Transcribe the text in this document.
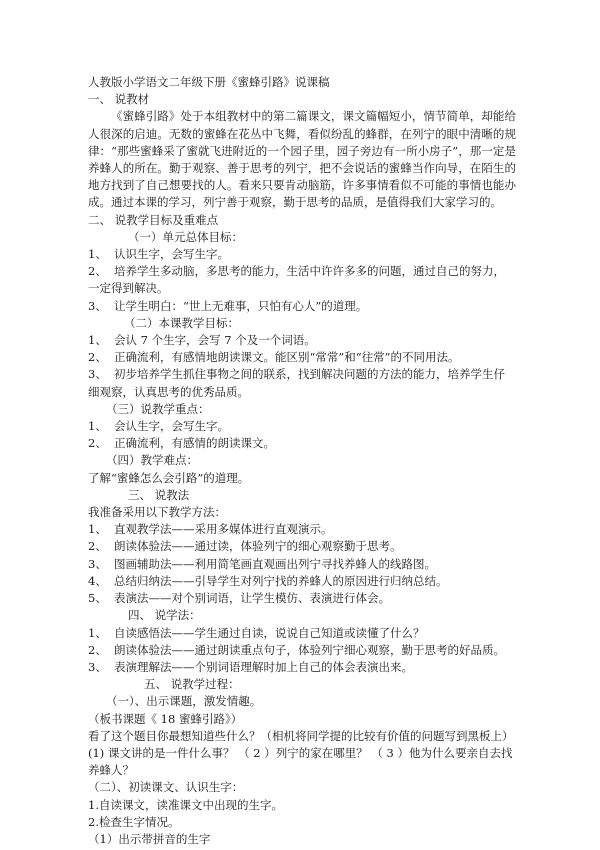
人教版小学语文二年级下册《蜜蜂引路》说课稿
一、 说教材
《蜜蜂引路》处于本组教材中的第二篇课文，课文篇幅短小，情节简单，却能给人很深的启迪。无数的蜜蜂在花丛中飞舞，看似纷乱的蜂群，在列宁的眼中清晰的规律：“那些蜜蜂采了蜜就飞进附近的一个园子里，园子旁边有一所小房子”，那一定是养蜂人的所在。勤于观察、善于思考的列宁，把不会说话的蜜蜂当作向导，在陌生的地方找到了自己想要找的人。看来只要肯动脑筋，许多事情看似不可能的事情也能办成。通过本课的学习，列宁善于观察，勤于思考的品质，是值得我们大家学习的。
二、 说教学目标及重难点
（一）单元总体目标：
1、 认识生字，会写生字。
2、 培养学生多动脑，多思考的能力，生活中许许多多的问题，通过自己的努力，一定得到解决。
3、 让学生明白：“世上无难事，只怕有心人”的道理。
（二）本课教学目标：
1、 会认 7 个生字，会写 7 个及一个词语。
2、 正确流利，有感情地朗读课文。能区别“常常”和“往常”的不同用法。
3、 初步培养学生抓住事物之间的联系，找到解决问题的方法的能力，培养学生仔细观察，认真思考的优秀品质。
（三）说教学重点：
1、 会认生字，会写生字。
2、 正确流利，有感情的朗读课文。
（四）教学难点：
了解“蜜蜂怎么会引路”的道理。
三、 说教法
我准备采用以下教学方法：
1、 直观教学法——采用多媒体进行直观演示。
2、 朗读体验法——通过读，体验列宁的细心观察勤于思考。
3、 图画辅助法——利用简笔画直观画出列宁寻找养蜂人的线路图。
4、 总结归纳法——引导学生对列宁找的养蜂人的原因进行归纳总结。
5、 表演法——对个别词语，让学生模仿、表演进行体会。
四、 说学法：
1、 自读感悟法——学生通过自读，说说自己知道或读懂了什么？
2、 朗读体验法——通过朗读重点句子，体验列宁细心观察，勤于思考的好品质。
3、 表演理解法——个别词语理解时加上自己的体会表演出来。
五、 说教学过程：
（一）、出示课题，激发情趣。
（板书课题《 18 蜜蜂引路》）
看了这个题目你最想知道些什么？（相机将同学提的比较有价值的问题写到黑板上） (1) 课文讲的是一件什么事？ （ 2 ）列宁的家在哪里？ （ 3 ）他为什么要亲自去找养蜂人？
（二）、初读课文、认识生字：
1.自读课文，读准课文中出现的生字。
2.检查生字情况。
（1）出示带拼音的生字
